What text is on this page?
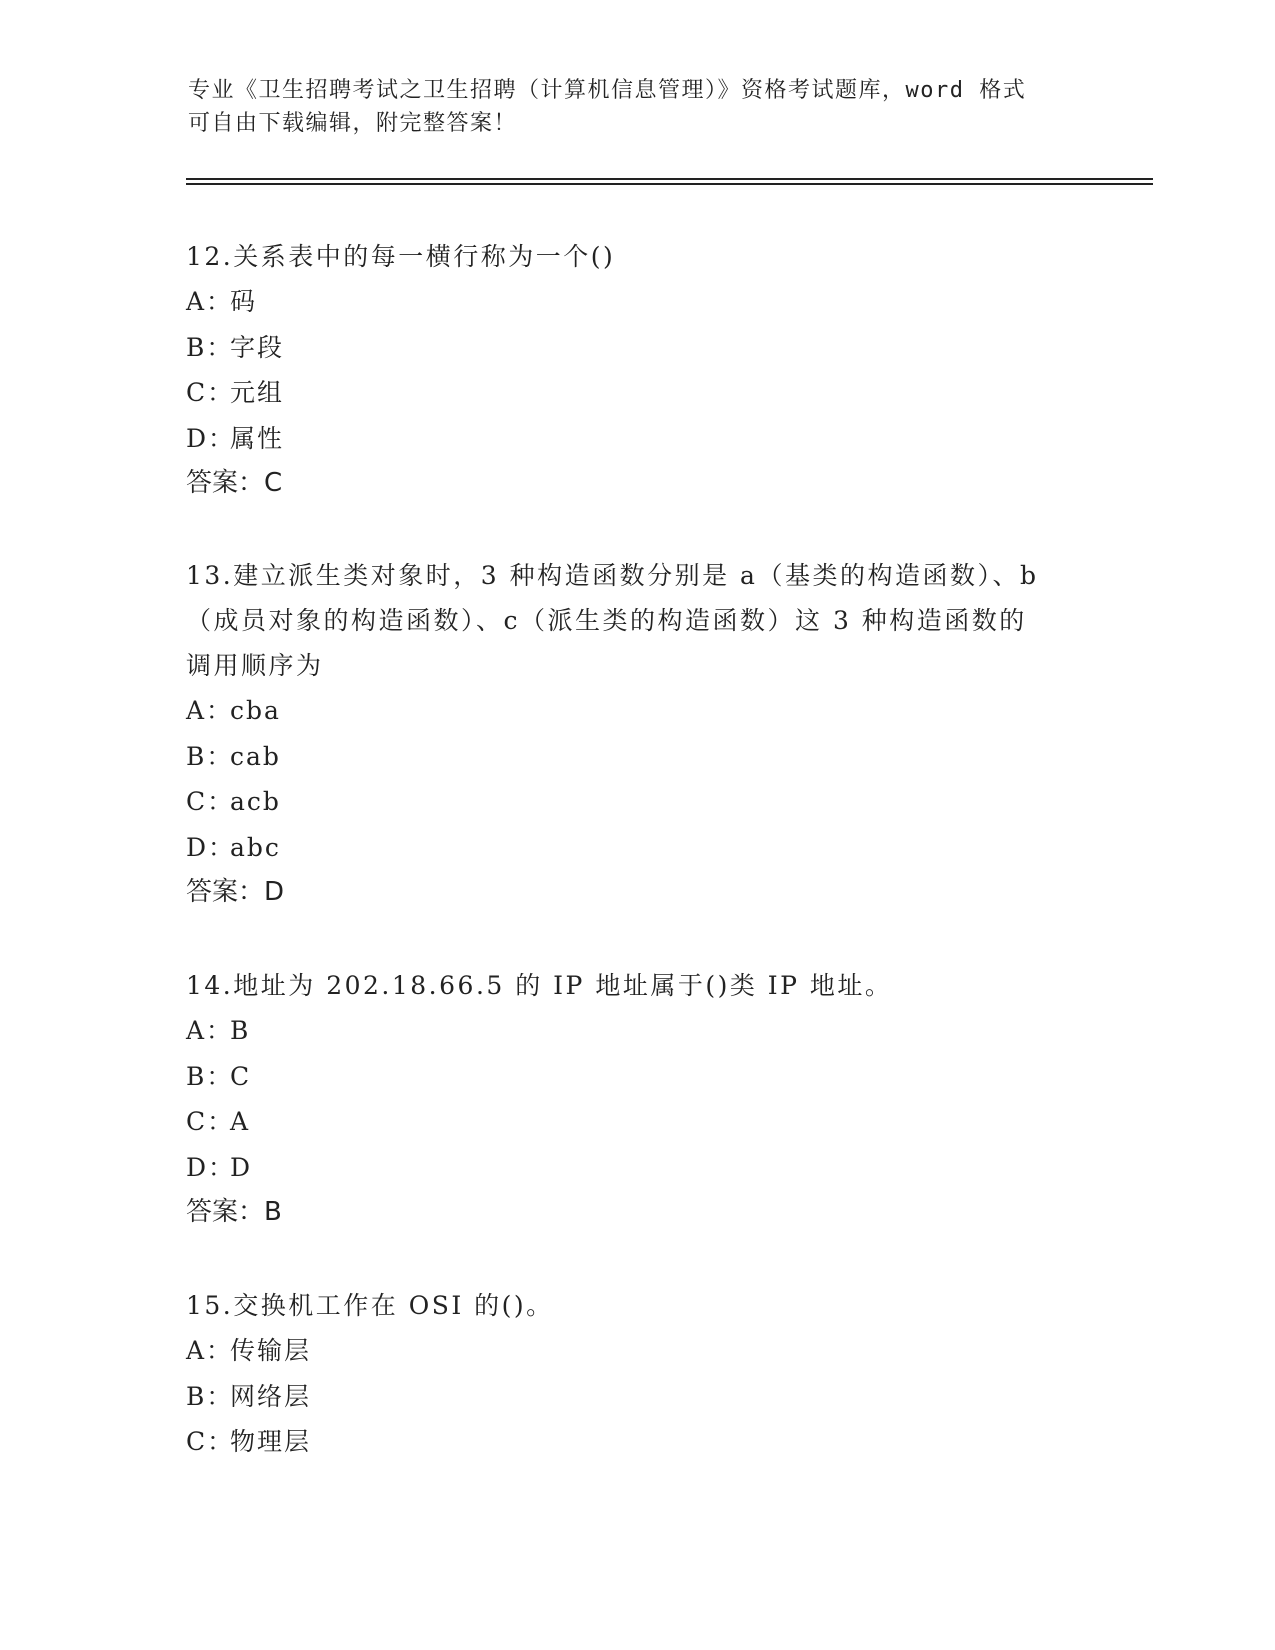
专业《卫生招聘考试之卫生招聘（计算机信息管理）》资格考试题库，word 格式

可自由下载编辑，附完整答案！

12.关系表中的每一横行称为一个()

A：码

B：字段

C：元组

D：属性

答案：C

13.建立派生类对象时，3 种构造函数分别是 a（基类的构造函数）、b

（成员对象的构造函数）、c（派生类的构造函数）这 3 种构造函数的

调用顺序为

A：cba

B：cab

C：acb

D：abc

答案：D

14.地址为 202.18.66.5 的 IP 地址属于()类 IP 地址。

A：B

B：C

C：A

D：D

答案：B

15.交换机工作在 OSI 的()。

A：传输层

B：网络层

C：物理层
